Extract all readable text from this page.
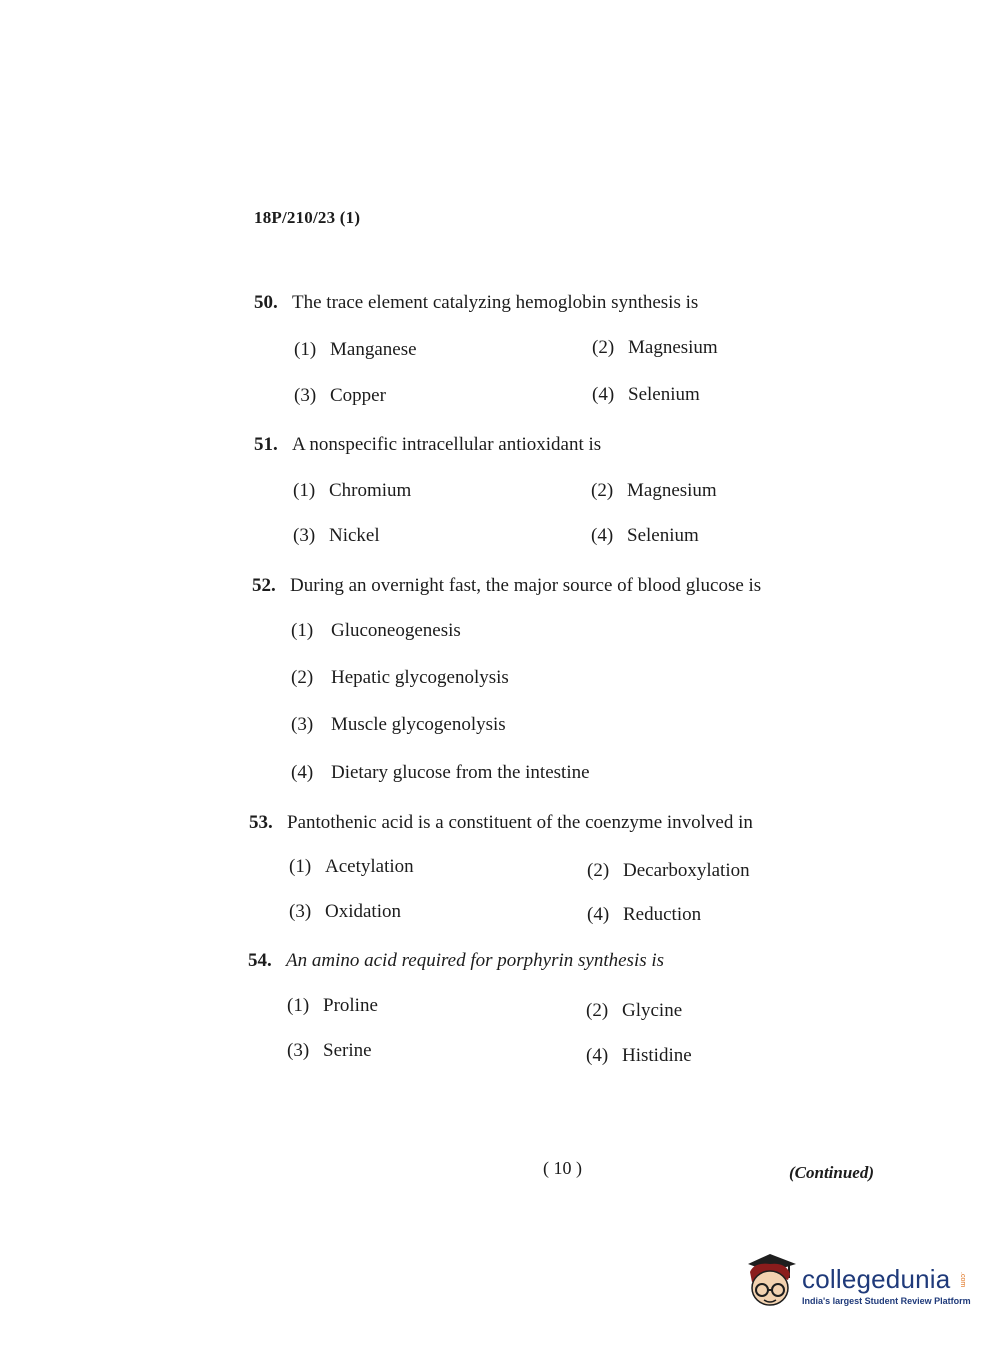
18P/210/23 (1)
50. The trace element catalyzing hemoglobin synthesis is
(1) Manganese	(2) Magnesium
(3) Copper	(4) Selenium
51. A nonspecific intracellular antioxidant is
(1) Chromium	(2) Magnesium
(3) Nickel	(4) Selenium
52. During an overnight fast, the major source of blood glucose is
(1) Gluconeogenesis
(2) Hepatic glycogenolysis
(3) Muscle glycogenolysis
(4) Dietary glucose from the intestine
53. Pantothenic acid is a constituent of the coenzyme involved in
(1) Acetylation	(2) Decarboxylation
(3) Oxidation	(4) Reduction
54. An amino acid required for porphyrin synthesis is
(1) Proline	(2) Glycine
(3) Serine	(4) Histidine
( 10 )	(Continued)
collegedunia .com
India's largest Student Review Platform
